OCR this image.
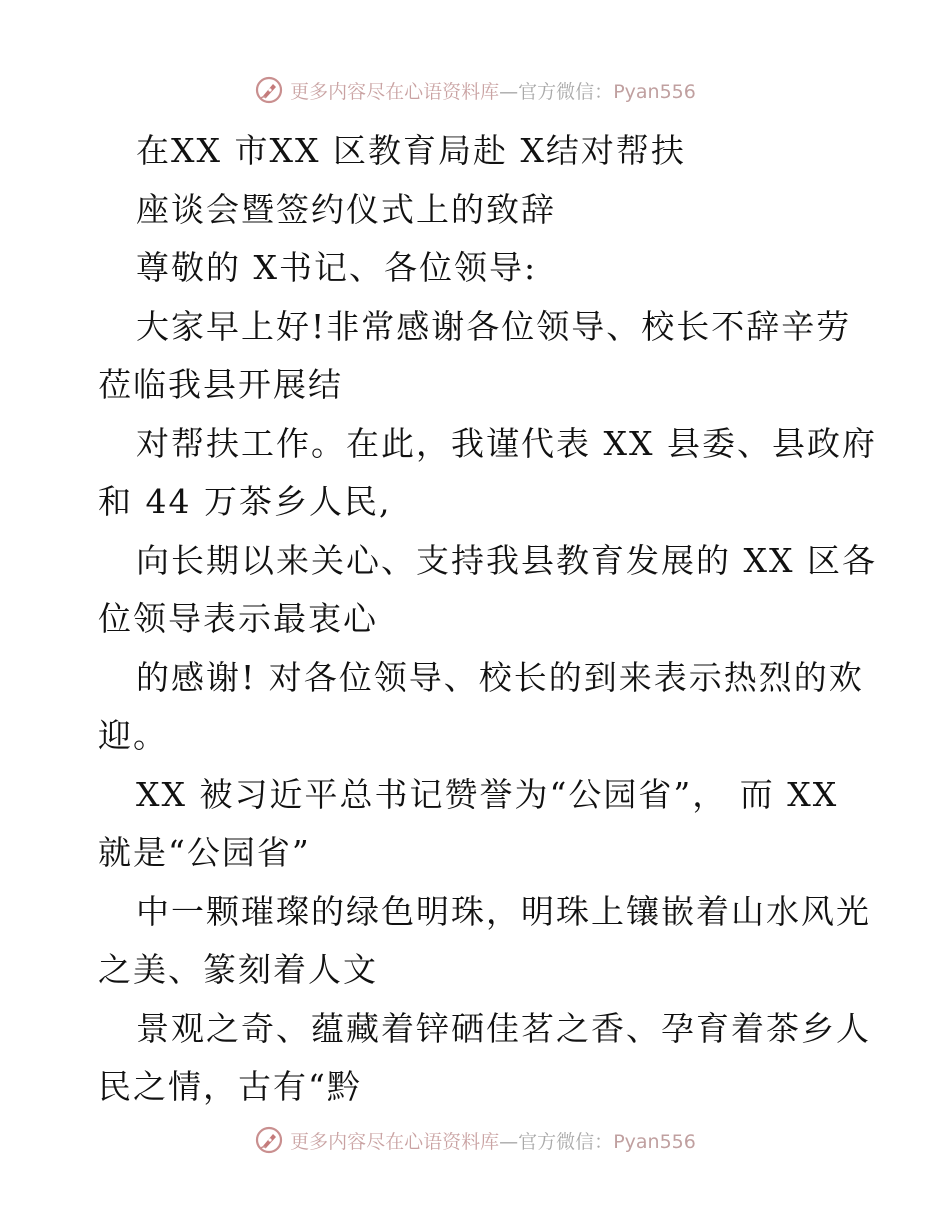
更多内容尽在心语资料库—官方微信：Pyan556
在XX 市XX 区教育局赴 X结对帮扶
座谈会暨签约仪式上的致辞
尊敬的 X书记、各位领导:
大家早上好!非常感谢各位领导、校长不辞辛劳
莅临我县开展结
对帮扶工作。在此，我谨代表 XX 县委、县政府
和 44 万茶乡人民,
向长期以来关心、支持我县教育发展的 XX 区各
位领导表示最衷心
的感谢! 对各位领导、校长的到来表示热烈的欢
迎。
XX 被习近平总书记赞誉为“公园省”， 而 XX
就是“公园省”
中一颗璀璨的绿色明珠，明珠上镶嵌着山水风光
之美、篆刻着人文
景观之奇、蕴藏着锌硒佳茗之香、孕育着茶乡人
民之情，古有“黔
更多内容尽在心语资料库—官方微信：Pyan556
